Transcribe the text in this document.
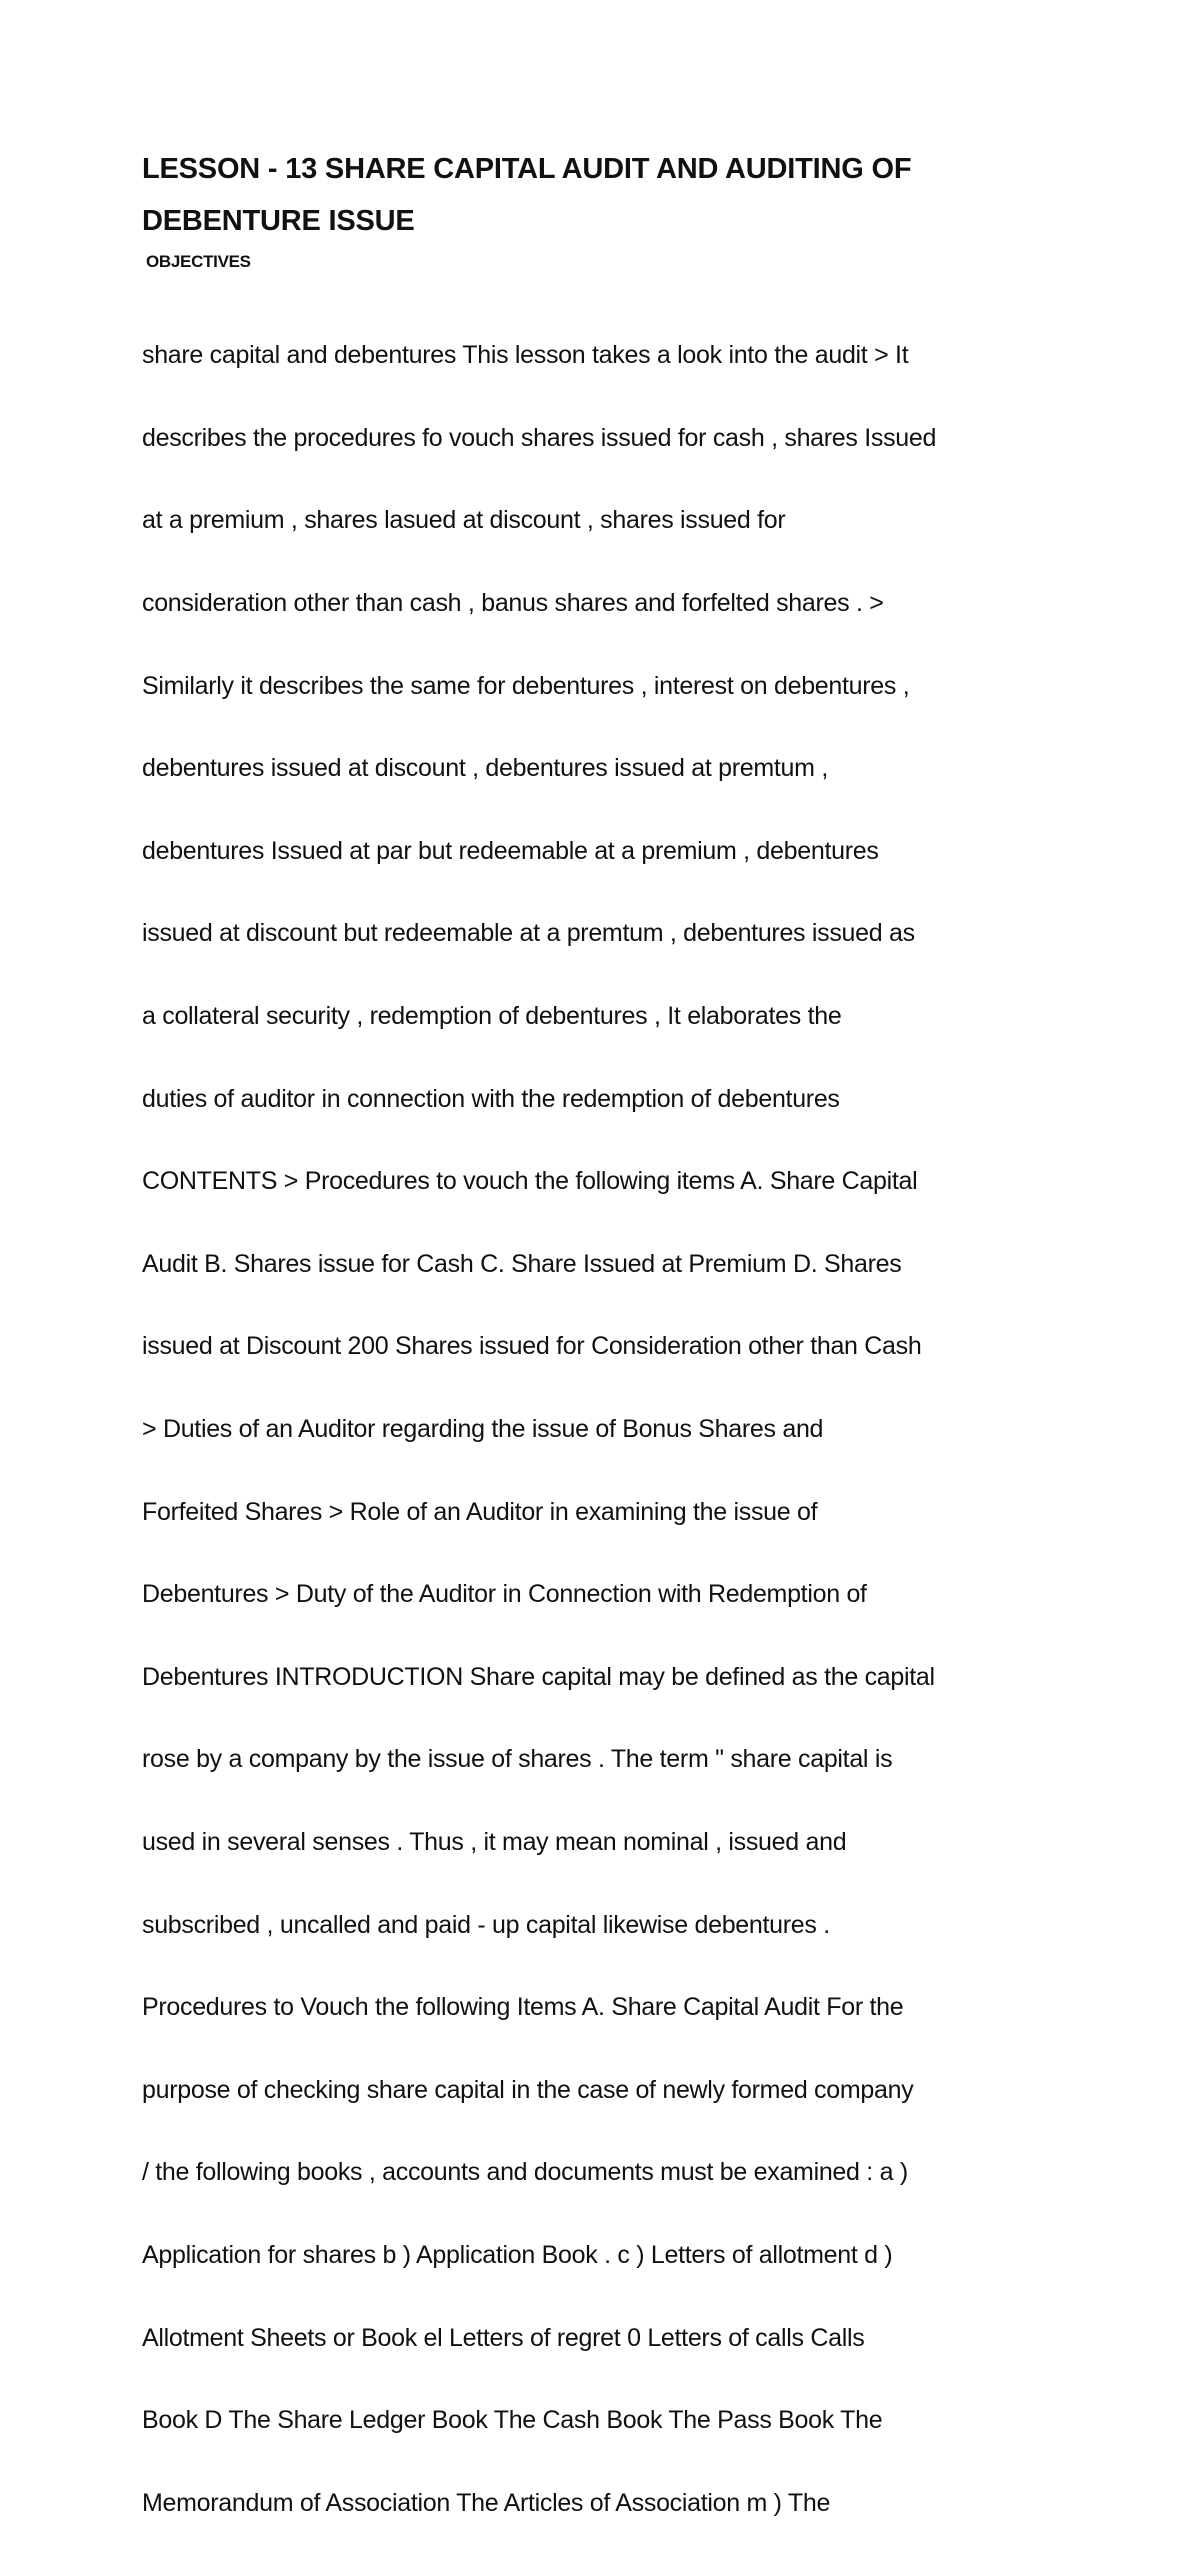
LESSON - 13 SHARE CAPITAL AUDIT AND AUDITING OF DEBENTURE ISSUE
OBJECTIVES

share capital and debentures This lesson takes a look into the audit > It

describes the procedures fo vouch shares issued for cash , shares Issued

at a premium , shares lasued at discount , shares issued for

consideration other than cash , banus shares and forfelted shares . >

Similarly it describes the same for debentures , interest on debentures ,

debentures issued at discount , debentures issued at premtum ,

debentures Issued at par but redeemable at a premium , debentures

issued at discount but redeemable at a premtum , debentures issued as

a collateral security , redemption of debentures , It elaborates the

duties of auditor in connection with the redemption of debentures

CONTENTS > Procedures to vouch the following items A. Share Capital

Audit B. Shares issue for Cash C. Share Issued at Premium D. Shares

issued at Discount 200 Shares issued for Consideration other than Cash

> Duties of an Auditor regarding the issue of Bonus Shares and

Forfeited Shares > Role of an Auditor in examining the issue of

Debentures > Duty of the Auditor in Connection with Redemption of

Debentures INTRODUCTION Share capital may be defined as the capital

rose by a company by the issue of shares . The term " share capital is

used in several senses . Thus , it may mean nominal , issued and

subscribed , uncalled and paid - up capital likewise debentures .

Procedures to Vouch the following Items A. Share Capital Audit For the

purpose of checking share capital in the case of newly formed company

/ the following books , accounts and documents must be examined : a )

Application for shares b ) Application Book . c ) Letters of allotment d )

Allotment Sheets or Book el Letters of regret 0 Letters of calls Calls

Book D The Share Ledger Book The Cash Book The Pass Book The

Memorandum of Association The Articles of Association m ) The
